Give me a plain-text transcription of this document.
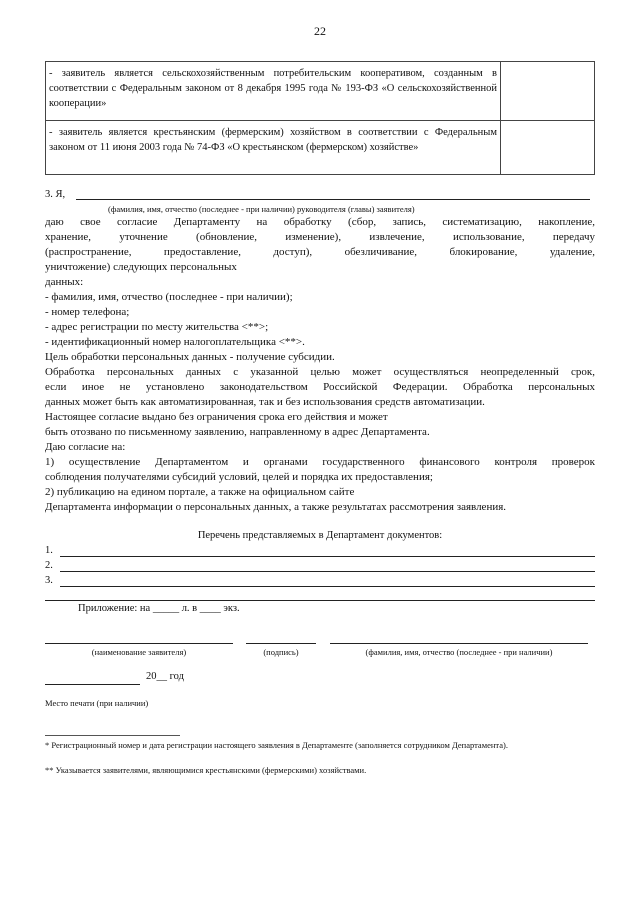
22
- заявитель является сельскохозяйственным потребительским кооперативом, созданным в соответствии с Федеральным законом от 8 декабря 1995 года № 193-ФЗ «О сельскохозяйственной кооперации»	
- заявитель является крестьянским (фермерским) хозяйством в соответствии с Федеральным законом от 11 июня 2003 года № 74-ФЗ «О крестьянском (фермерском) хозяйстве»	
3. Я,
(фамилия, имя, отчество (последнее - при наличии) руководителя (главы) заявителя)

даю свое согласие Департаменту на обработку (сбор, запись, систематизацию, накопление,

хранение, уточнение (обновление, изменение), извлечение, использование, передачу

(распространение, предоставление, доступ), обезличивание, блокирование, удаление,

уничтожение) следующих персональных

данных:

- фамилия, имя, отчество (последнее - при наличии);

- номер телефона;

- адрес регистрации по месту жительства <**>;

- идентификационный номер налогоплательщика <**>.

Цель обработки персональных данных - получение субсидии.

Обработка персональных данных с указанной целью может осуществляться неопределенный срок,

если иное не установлено законодательством Российской Федерации. Обработка персональных

данных может быть как автоматизированная, так и без использования средств автоматизации.

Настоящее согласие выдано без ограничения срока его действия и может

быть отозвано по письменному заявлению, направленному в адрес Департамента.

Даю согласие на:

1) осуществление Департаментом и органами государственного финансового контроля проверок

соблюдения получателями субсидий условий, целей и порядка их предоставления;

2) публикацию на едином портале, а также на официальном сайте

Департамента информации о персональных данных, а также результатах рассмотрения заявления.

Перечень представляемых в Департамент документов:
1.
2.
3.
Приложение: на _____ л. в ____ экз.
(наименование заявителя)	(подпись)	(фамилия, имя, отчество (последнее - при наличии)
20__ год
Место печати (при наличии)
* Регистрационный номер и дата регистрации настоящего заявления в Департаменте (заполняется сотрудником Департамента).
** Указывается заявителями, являющимися крестьянскими (фермерскими) хозяйствами.
